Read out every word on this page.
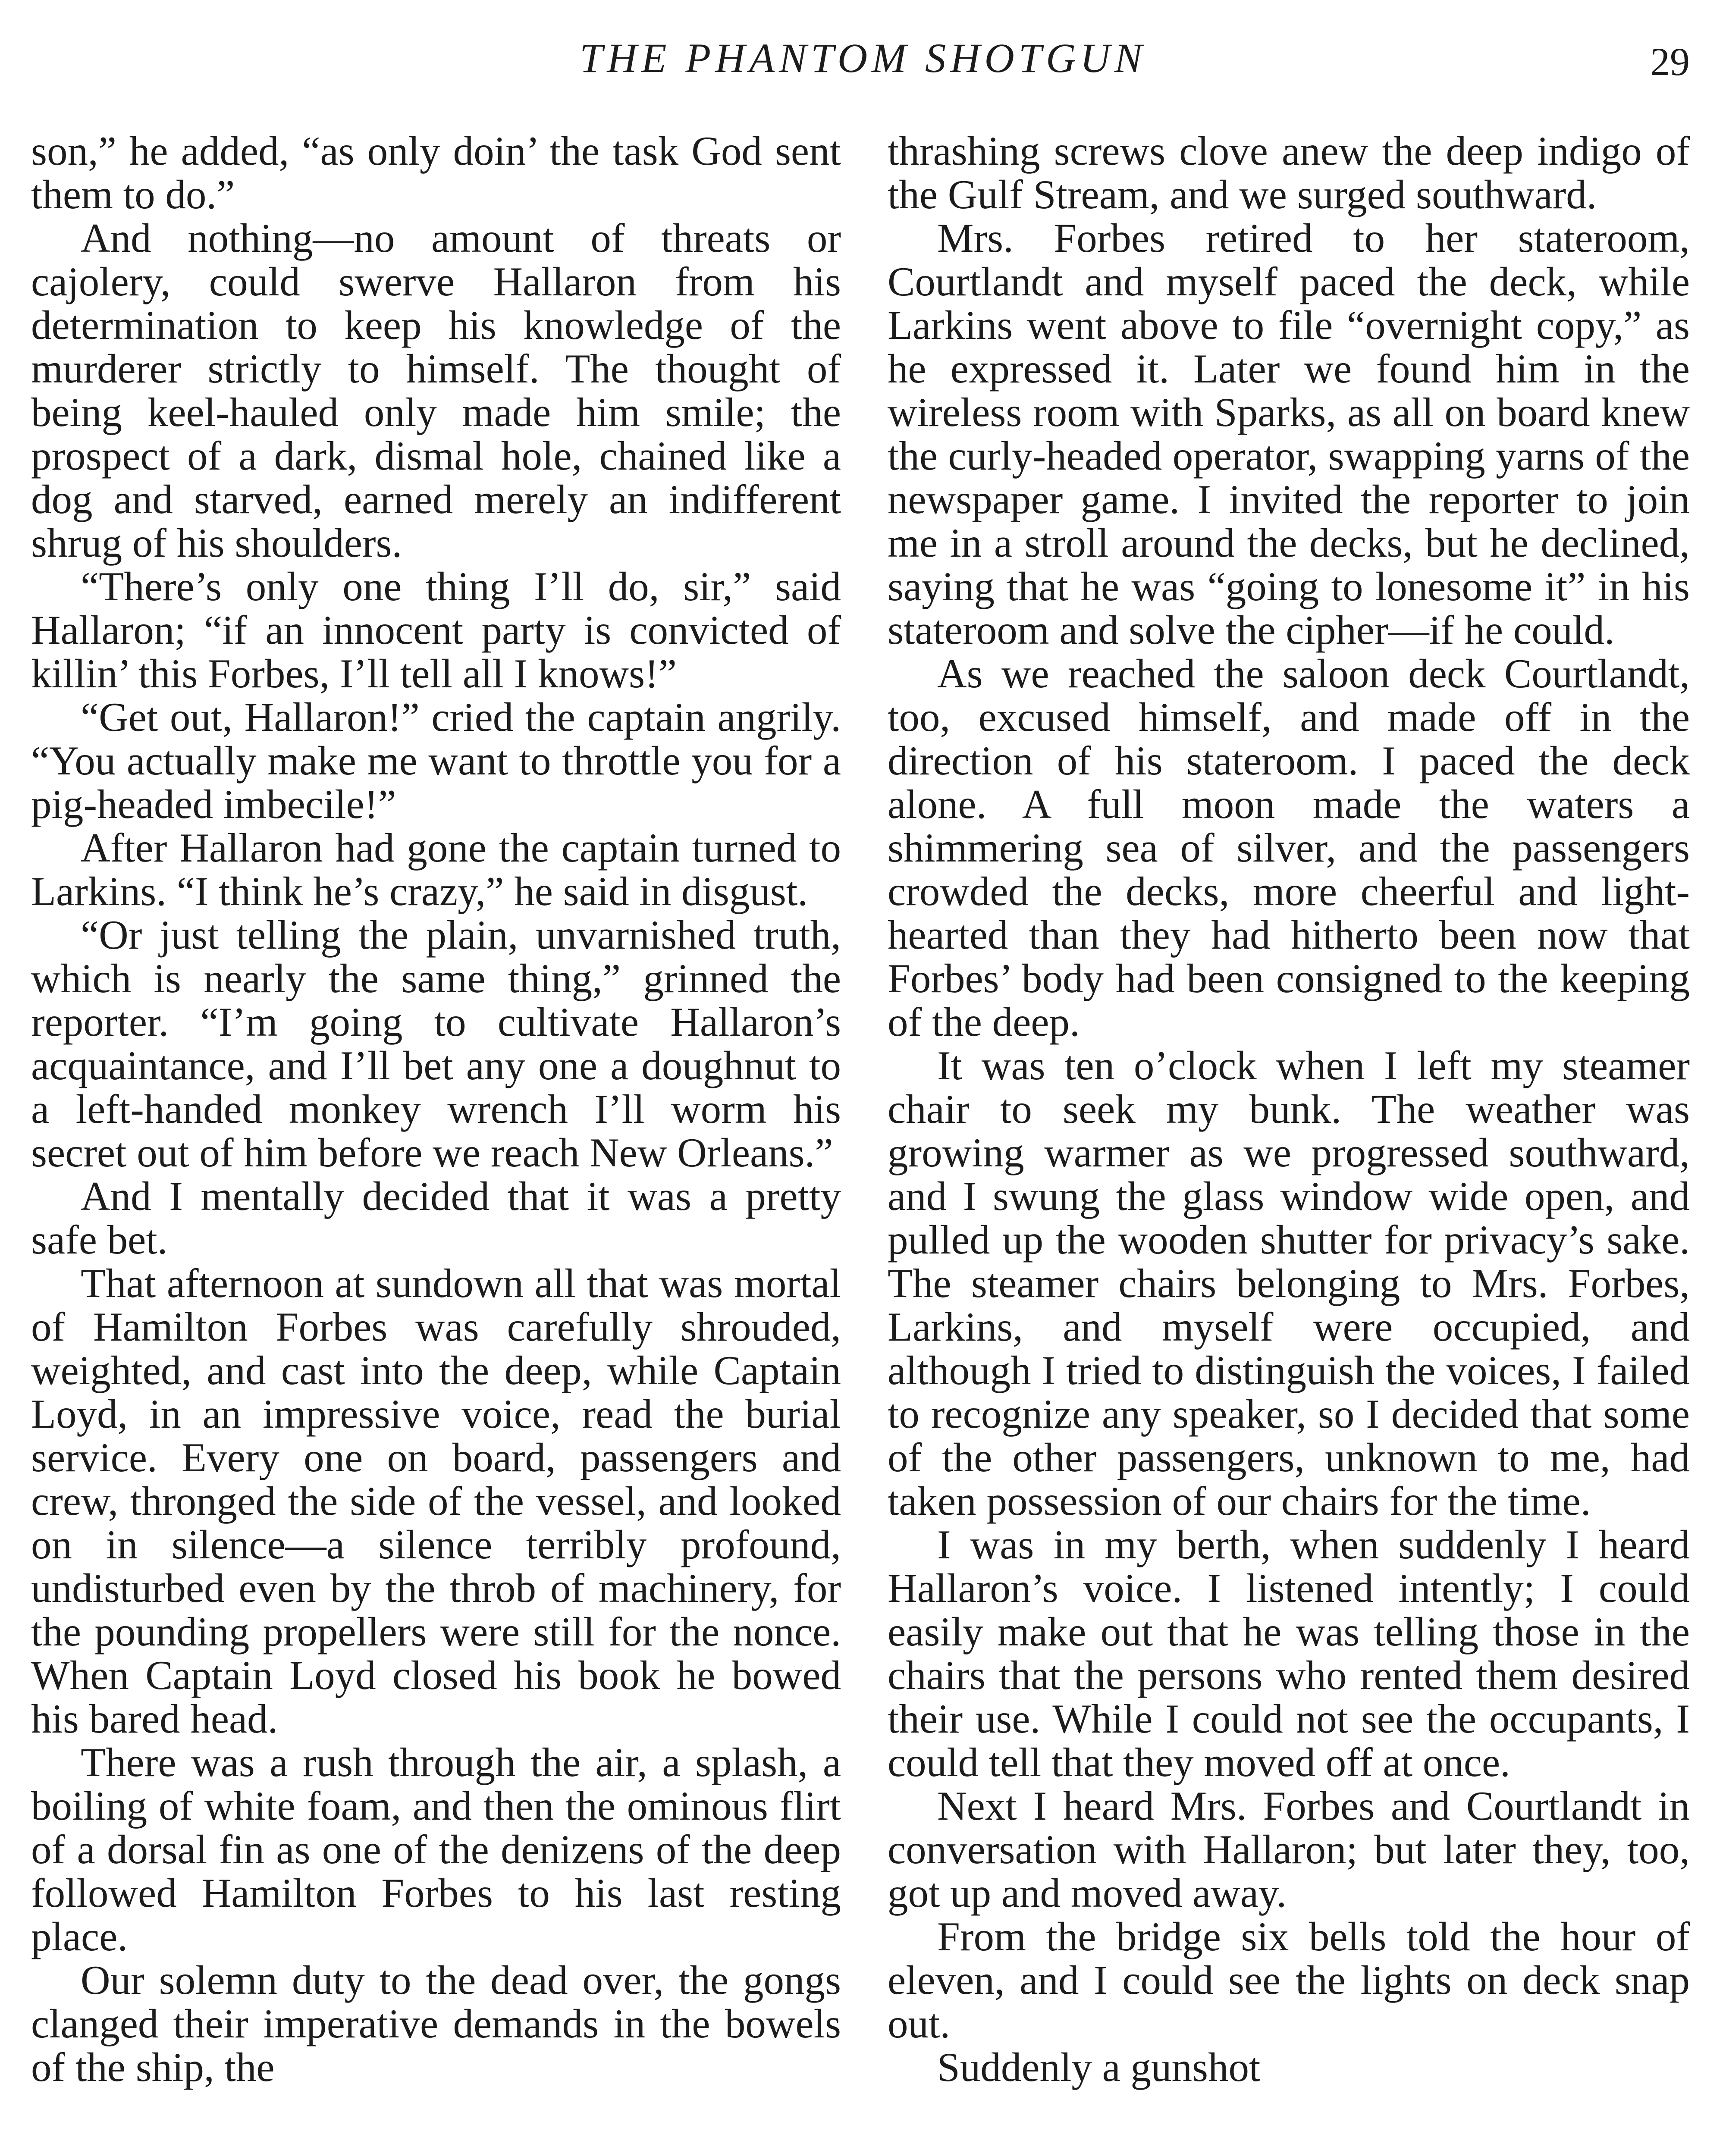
THE PHANTOM SHOTGUN	29

son,” he added, “as only doin’ the task God sent them to do.”

And nothing—no amount of threats or cajolery, could swerve Hallaron from his determination to keep his knowledge of the murderer strictly to himself. The thought of being keel-hauled only made him smile; the prospect of a dark, dismal hole, chained like a dog and starved, earned merely an indifferent shrug of his shoulders.

“There’s only one thing I’ll do, sir,” said Hallaron; “if an innocent party is convicted of killin’ this Forbes, I’ll tell all I knows!”

“Get out, Hallaron!” cried the captain angrily. “You actually make me want to throttle you for a pig-headed imbecile!”

After Hallaron had gone the captain turned to Larkins. “I think he’s crazy,” he said in disgust.

“Or just telling the plain, unvarnished truth, which is nearly the same thing,” grinned the reporter. “I’m going to cultivate Hallaron’s acquaintance, and I’ll bet any one a doughnut to a left-handed monkey wrench I’ll worm his secret out of him before we reach New Orleans.”

And I mentally decided that it was a pretty safe bet.

That afternoon at sundown all that was mortal of Hamilton Forbes was carefully shrouded, weighted, and cast into the deep, while Captain Loyd, in an impressive voice, read the burial service. Every one on board, passengers and crew, thronged the side of the vessel, and looked on in silence—a silence terribly profound, undisturbed even by the throb of machinery, for the pounding propellers were still for the nonce. When Captain Loyd closed his book he bowed his bared head.

There was a rush through the air, a splash, a boiling of white foam, and then the ominous flirt of a dorsal fin as one of the denizens of the deep followed Hamilton Forbes to his last resting place.

Our solemn duty to the dead over, the gongs clanged their imperative demands in the bowels of the ship, the

thrashing screws clove anew the deep indigo of the Gulf Stream, and we surged southward.

Mrs. Forbes retired to her stateroom, Courtlandt and myself paced the deck, while Larkins went above to file “overnight copy,” as he expressed it. Later we found him in the wireless room with Sparks, as all on board knew the curly-headed operator, swapping yarns of the newspaper game. I invited the reporter to join me in a stroll around the decks, but he declined, saying that he was “going to lonesome it” in his stateroom and solve the cipher—if he could.

As we reached the saloon deck Courtlandt, too, excused himself, and made off in the direction of his stateroom. I paced the deck alone. A full moon made the waters a shimmering sea of silver, and the passengers crowded the decks, more cheerful and light-hearted than they had hitherto been now that Forbes’ body had been consigned to the keeping of the deep.

It was ten o’clock when I left my steamer chair to seek my bunk. The weather was growing warmer as we progressed southward, and I swung the glass window wide open, and pulled up the wooden shutter for privacy’s sake. The steamer chairs belonging to Mrs. Forbes, Larkins, and myself were occupied, and although I tried to distinguish the voices, I failed to recognize any speaker, so I decided that some of the other passengers, unknown to me, had taken possession of our chairs for the time.

I was in my berth, when suddenly I heard Hallaron’s voice. I listened intently; I could easily make out that he was telling those in the chairs that the persons who rented them desired their use. While I could not see the occupants, I could tell that they moved off at once.

Next I heard Mrs. Forbes and Courtlandt in conversation with Hallaron; but later they, too, got up and moved away.

From the bridge six bells told the hour of eleven, and I could see the lights on deck snap out.

Suddenly a gunshot
